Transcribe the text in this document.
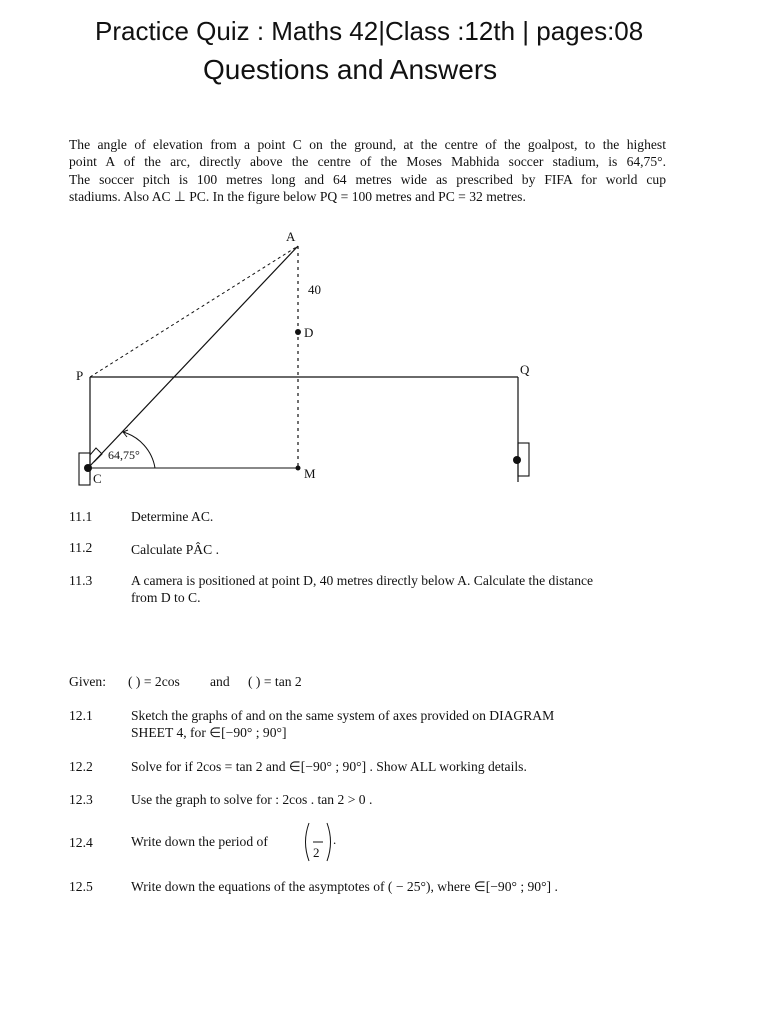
Practice Quiz : Maths 42|Class :12th | pages:08
Questions and Answers
The angle of elevation from a point C on the ground, at the centre of the goalpost, to the highest
point A of the arc, directly above the centre of the Moses Mabhida soccer stadium, is 64,75°.
The soccer pitch is 100 metres long and 64 metres wide as prescribed by FIFA for world cup
stadiums. Also AC ⊥ PC. In the figure below PQ = 100 metres and PC = 32 metres.
A
D
P	Q
C	M
40
64,75°
11.1	Determine AC.
11.2	Calculate PÂC .
11.3	A camera is positioned at point D, 40 metres directly below A. Calculate the distance
from D to C.
Given: ( ) = 2cos and ( ) = tan 2
12.1	Sketch the graphs of and on the same system of axes provided on DIAGRAM
SHEET 4, for ∈[−90° ; 90°]
12.2	Solve for if 2cos = tan 2 and ∈[−90° ; 90°] . Show ALL working details.
12.3	Use the graph to solve for : 2cos . tan 2 > 0 .
12.4	Write down the period of
2
.
12.5	Write down the equations of the asymptotes of ( − 25°), where ∈[−90° ; 90°] .
